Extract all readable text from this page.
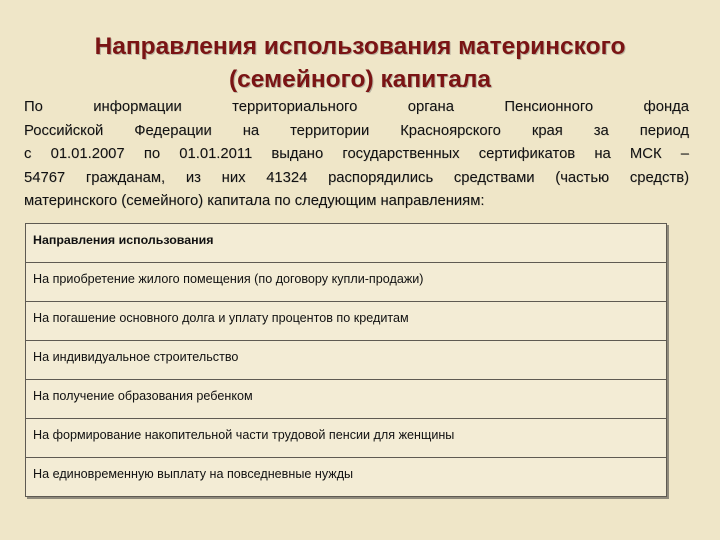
Направления использования материнского
(семейного) капитала

По информации территориального органа Пенсионного фонда
Российской Федерации на территории Красноярского края за период
с 01.01.2007 по 01.01.2011 выдано государственных сертификатов на МСК –
54767 гражданам, из них 41324 распорядились средствами (частью средств)
материнского (семейного) капитала по следующим направлениям:

Направления использования

На приобретение жилого помещения (по договору купли-продажи)

На погашение основного долга и уплату процентов по кредитам

На индивидуальное строительство

На получение образования ребенком

На формирование накопительной части трудовой пенсии для женщины

На единовременную выплату на повседневные нужды
